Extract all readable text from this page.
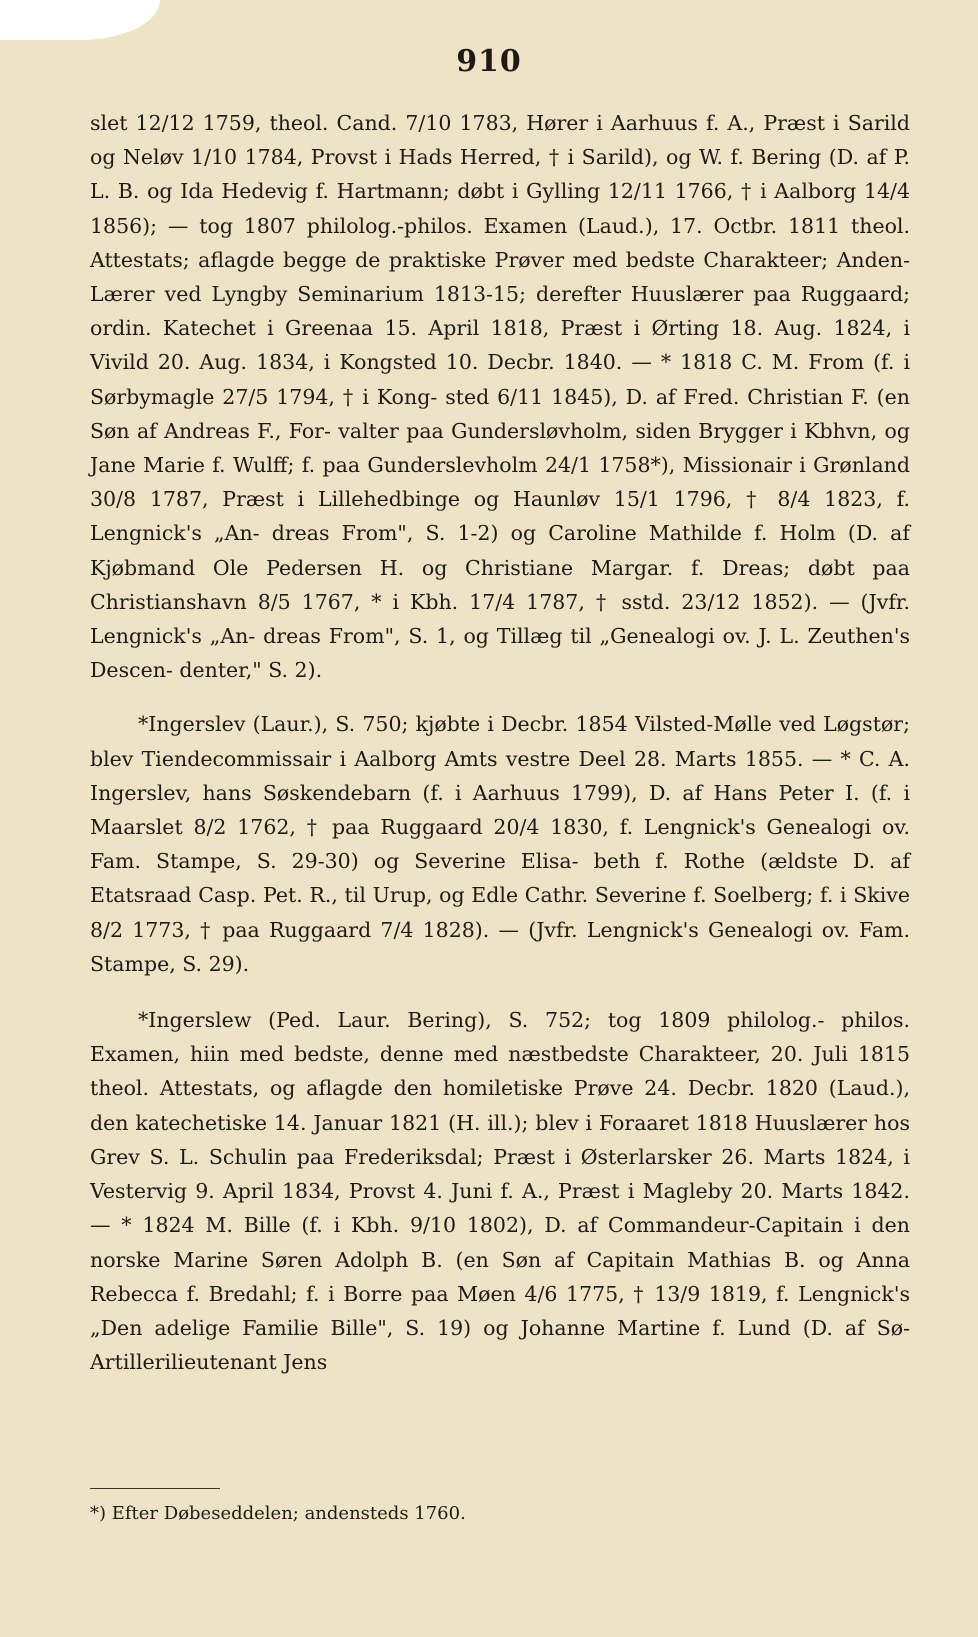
910

slet 12/12 1759, theol. Cand. 7/10 1783, Hører i Aarhuus f. A., Præst i Sarild og Neløv 1/10 1784, Provst i Hads Herred, † i Sarild), og W. f. Bering (D. af P. L. B. og Ida Hedevig f. Hartmann; døbt i Gylling 12/11 1766, † i Aalborg 14/4 1856); — tog 1807 philolog.-philos. Examen (Laud.), 17. Octbr. 1811 theol. Attestats; aflagde begge de praktiske Prøver med bedste Charakteer; Anden-Lærer ved Lyngby Seminarium 1813-15; derefter Huuslærer paa Ruggaard; ordin. Katechet i Greenaa 15. April 1818, Præst i Ørting 18. Aug. 1824, i Vivild 20. Aug. 1834, i Kongsted 10. Decbr. 1840. — * 1818 C. M. From (f. i Sørbymagle 27/5 1794, † i Kong- sted 6/11 1845), D. af Fred. Christian F. (en Søn af Andreas F., For- valter paa Gundersløvholm, siden Brygger i Kbhvn, og Jane Marie f. Wulff; f. paa Gunderslevholm 24/1 1758*), Missionair i Grønland 30/8 1787, Præst i Lillehedbinge og Haunløv 15/1 1796, † 8/4 1823, f. Lengnick's „An- dreas From", S. 1-2) og Caroline Mathilde f. Holm (D. af Kjøbmand Ole Pedersen H. og Christiane Margar. f. Dreas; døbt paa Christianshavn 8/5 1767, * i Kbh. 17/4 1787, † sstd. 23/12 1852). — (Jvfr. Lengnick's „An- dreas From", S. 1, og Tillæg til „Genealogi ov. J. L. Zeuthen's Descen- denter," S. 2).

*Ingerslev (Laur.), S. 750; kjøbte i Decbr. 1854 Vilsted-Mølle ved Løgstør; blev Tiendecommissair i Aalborg Amts vestre Deel 28. Marts 1855. — * C. A. Ingerslev, hans Søskendebarn (f. i Aarhuus 1799), D. af Hans Peter I. (f. i Maarslet 8/2 1762, † paa Ruggaard 20/4 1830, f. Lengnick's Genealogi ov. Fam. Stampe, S. 29-30) og Severine Elisa- beth f. Rothe (ældste D. af Etatsraad Casp. Pet. R., til Urup, og Edle Cathr. Severine f. Soelberg; f. i Skive 8/2 1773, † paa Ruggaard 7/4 1828). — (Jvfr. Lengnick's Genealogi ov. Fam. Stampe, S. 29).

*Ingerslew (Ped. Laur. Bering), S. 752; tog 1809 philolog.- philos. Examen, hiin med bedste, denne med næstbedste Charakteer, 20. Juli 1815 theol. Attestats, og aflagde den homiletiske Prøve 24. Decbr. 1820 (Laud.), den katechetiske 14. Januar 1821 (H. ill.); blev i Foraaret 1818 Huuslærer hos Grev S. L. Schulin paa Frederiksdal; Præst i Østerlarsker 26. Marts 1824, i Vestervig 9. April 1834, Provst 4. Juni f. A., Præst i Magleby 20. Marts 1842. — * 1824 M. Bille (f. i Kbh. 9/10 1802), D. af Commandeur-Capitain i den norske Marine Søren Adolph B. (en Søn af Capitain Mathias B. og Anna Rebecca f. Bredahl; f. i Borre paa Møen 4/6 1775, † 13/9 1819, f. Lengnick's „Den adelige Familie Bille", S. 19) og Johanne Martine f. Lund (D. af Sø-Artillerilieutenant Jens

*) Efter Døbeseddelen; andensteds 1760.
